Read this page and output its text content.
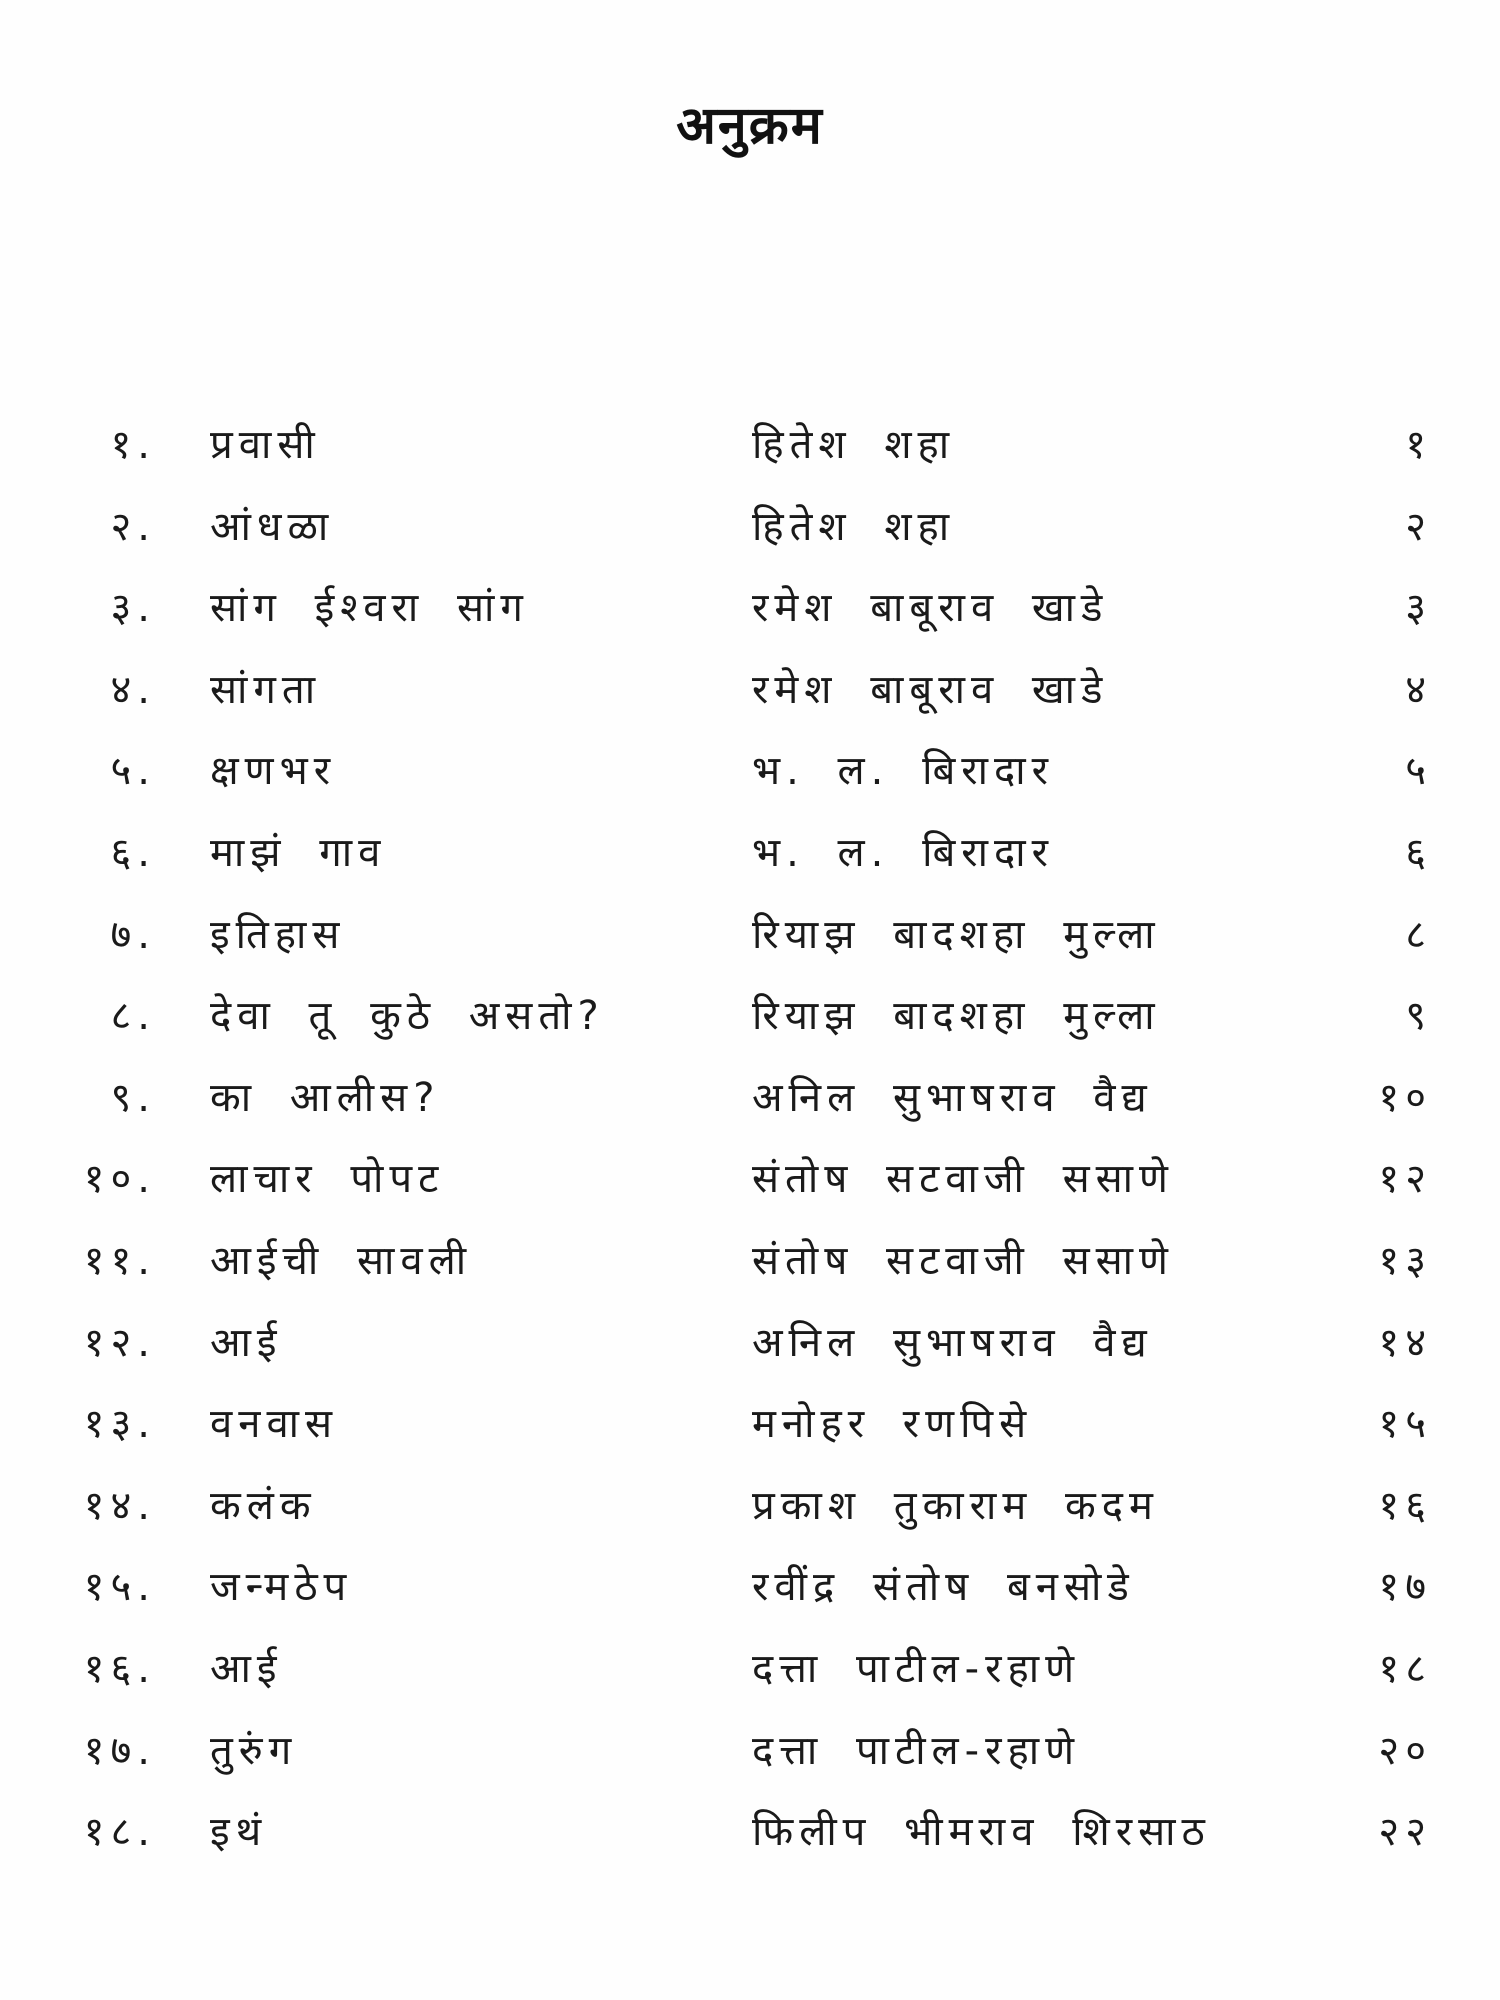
अनुक्रम
१. प्रवासी	हितेश शहा	१
२. आंधळा	हितेश शहा	२
३. सांग ईश्वरा सांग	रमेश बाबूराव खाडे	३
४. सांगता	रमेश बाबूराव खाडे	४
५. क्षणभर	भ. ल. बिरादार	५
६. माझं गाव	भ. ल. बिरादार	६
७. इतिहास	रियाझ बादशहा मुल्ला	८
८. देवा तू कुठे असतो?	रियाझ बादशहा मुल्ला	९
९. का आलीस?	अनिल सुभाषराव वैद्य	१०
१०. लाचार पोपट	संतोष सटवाजी ससाणे	१२
११. आईची सावली	संतोष सटवाजी ससाणे	१३
१२. आई	अनिल सुभाषराव वैद्य	१४
१३. वनवास	मनोहर रणपिसे	१५
१४. कलंक	प्रकाश तुकाराम कदम	१६
१५. जन्मठेप	रवींद्र संतोष बनसोडे	१७
१६. आई	दत्ता पाटील-रहाणे	१८
१७. तुरुंग	दत्ता पाटील-रहाणे	२०
१८. इथं	फिलीप भीमराव शिरसाठ	२२
